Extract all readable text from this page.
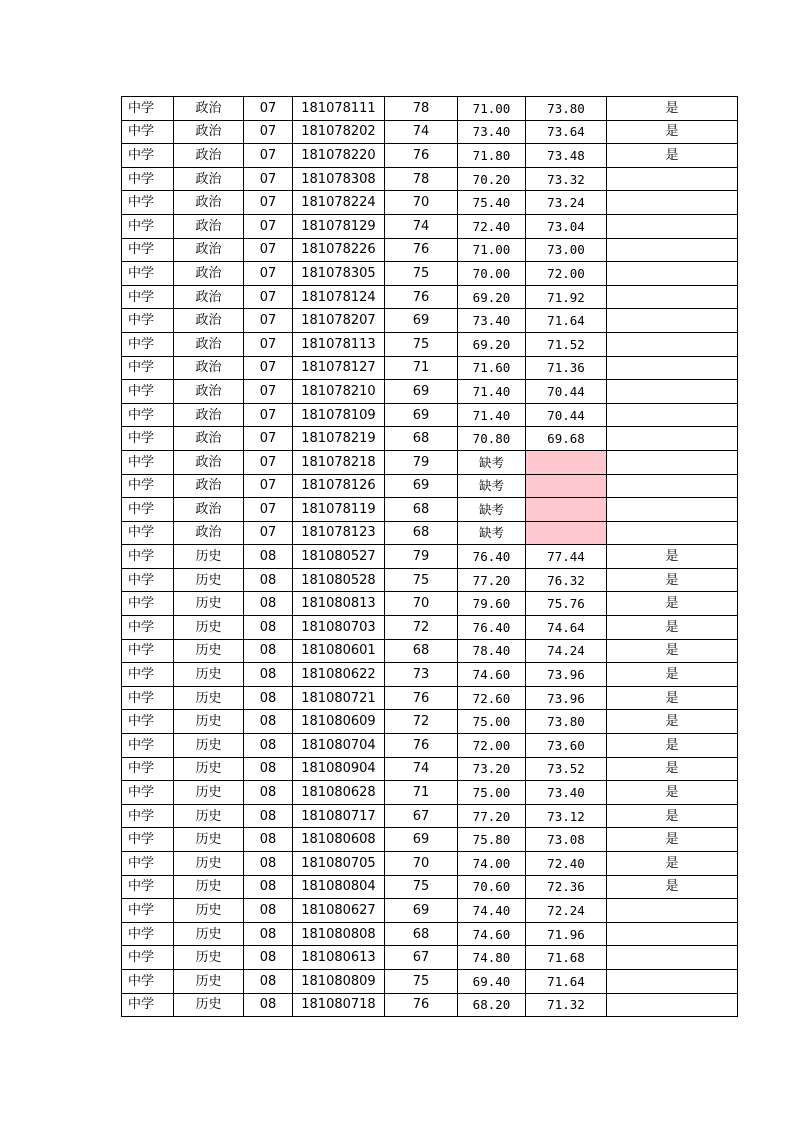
中学	政治	07	181078111	78	71.00	73.80	是
中学	政治	07	181078202	74	73.40	73.64	是
中学	政治	07	181078220	76	71.80	73.48	是
中学	政治	07	181078308	78	70.20	73.32	
中学	政治	07	181078224	70	75.40	73.24	
中学	政治	07	181078129	74	72.40	73.04	
中学	政治	07	181078226	76	71.00	73.00	
中学	政治	07	181078305	75	70.00	72.00	
中学	政治	07	181078124	76	69.20	71.92	
中学	政治	07	181078207	69	73.40	71.64	
中学	政治	07	181078113	75	69.20	71.52	
中学	政治	07	181078127	71	71.60	71.36	
中学	政治	07	181078210	69	71.40	70.44	
中学	政治	07	181078109	69	71.40	70.44	
中学	政治	07	181078219	68	70.80	69.68	
中学	政治	07	181078218	79	缺考		
中学	政治	07	181078126	69	缺考		
中学	政治	07	181078119	68	缺考		
中学	政治	07	181078123	68	缺考		
中学	历史	08	181080527	79	76.40	77.44	是
中学	历史	08	181080528	75	77.20	76.32	是
中学	历史	08	181080813	70	79.60	75.76	是
中学	历史	08	181080703	72	76.40	74.64	是
中学	历史	08	181080601	68	78.40	74.24	是
中学	历史	08	181080622	73	74.60	73.96	是
中学	历史	08	181080721	76	72.60	73.96	是
中学	历史	08	181080609	72	75.00	73.80	是
中学	历史	08	181080704	76	72.00	73.60	是
中学	历史	08	181080904	74	73.20	73.52	是
中学	历史	08	181080628	71	75.00	73.40	是
中学	历史	08	181080717	67	77.20	73.12	是
中学	历史	08	181080608	69	75.80	73.08	是
中学	历史	08	181080705	70	74.00	72.40	是
中学	历史	08	181080804	75	70.60	72.36	是
中学	历史	08	181080627	69	74.40	72.24	
中学	历史	08	181080808	68	74.60	71.96	
中学	历史	08	181080613	67	74.80	71.68	
中学	历史	08	181080809	75	69.40	71.64	
中学	历史	08	181080718	76	68.20	71.32	
